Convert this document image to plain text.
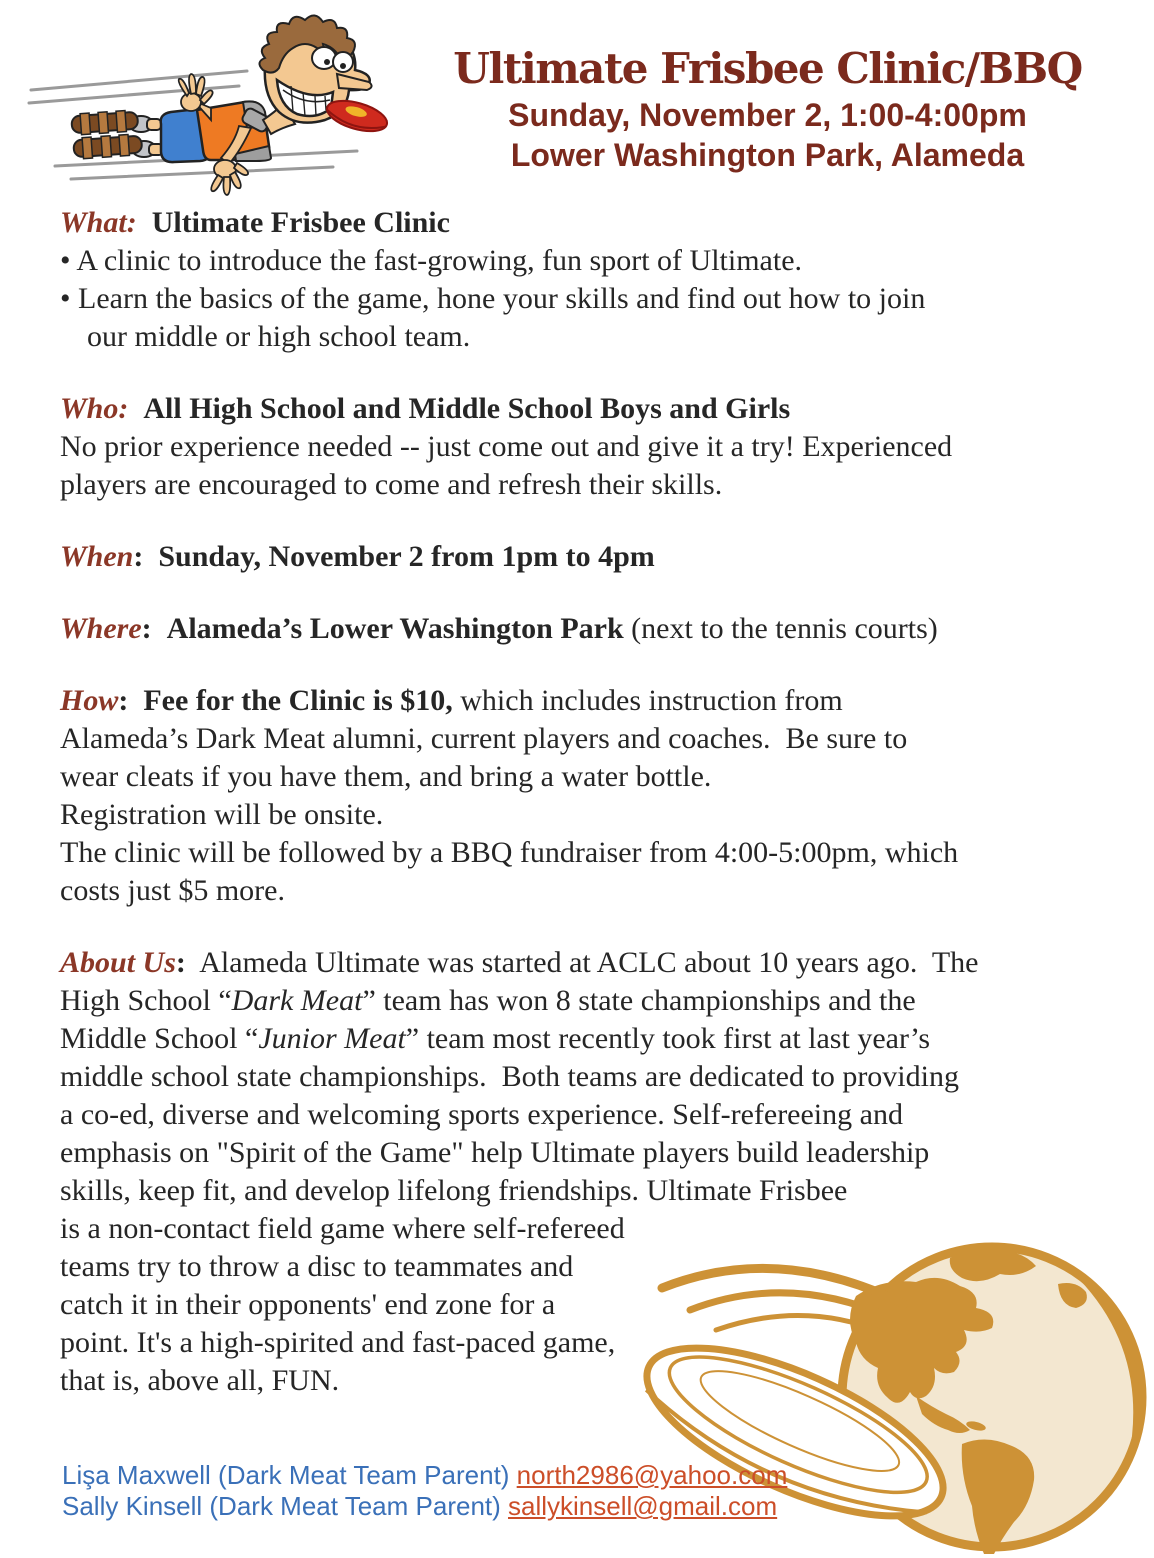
Ultimate Frisbee Clinic/BBQ
Sunday, November 2, 1:00-4:00pm
Lower Washington Park, Alameda
What: Ultimate Frisbee Clinic
• A clinic to introduce the fast-growing, fun sport of Ultimate.
• Learn the basics of the game, hone your skills and find out how to join
our middle or high school team.
Who: All High School and Middle School Boys and Girls
No prior experience needed -- just come out and give it a try! Experienced
players are encouraged to come and refresh their skills.
When: Sunday, November 2 from 1pm to 4pm
Where: Alameda’s Lower Washington Park (next to the tennis courts)
How: Fee for the Clinic is $10, which includes instruction from
Alameda’s Dark Meat alumni, current players and coaches.  Be sure to
wear cleats if you have them, and bring a water bottle.
Registration will be onsite.
The clinic will be followed by a BBQ fundraiser from 4:00-5:00pm, which
costs just $5 more.
About Us:  Alameda Ultimate was started at ACLC about 10 years ago.  The
High School “Dark Meat” team has won 8 state championships and the
Middle School “Junior Meat” team most recently took first at last year’s
middle school state championships.  Both teams are dedicated to providing
a co-ed, diverse and welcoming sports experience. Self-refereeing and
emphasis on "Spirit of the Game" help Ultimate players build leadership
skills, keep fit, and develop lifelong friendships. Ultimate Frisbee
is a non-contact field game where self-refereed
teams try to throw a disc to teammates and
catch it in their opponents' end zone for a
point. It's a high-spirited and fast-paced game,
that is, above all, FUN.
Lişa Maxwell (Dark Meat Team Parent) north2986@yahoo.com
Sally Kinsell (Dark Meat Team Parent) sallykinsell@gmail.com
